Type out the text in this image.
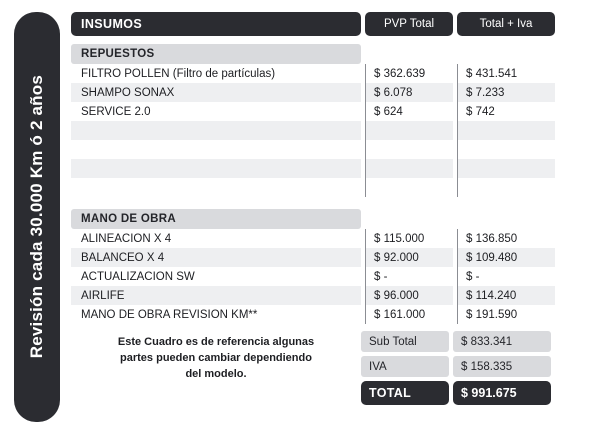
Revisión cada 30.000 Km ó 2 años
INSUMOS	PVP Total	Total + Iva
REPUESTOS
FILTRO POLLEN (Filtro de partículas)	$ 362.639	$ 431.541
SHAMPO SONAX	$ 6.078	$ 7.233
SERVICE 2.0	$ 624	$ 742
MANO DE OBRA
ALINEACION X 4	$ 115.000	$ 136.850
BALANCEO X 4	$ 92.000	$ 109.480
ACTUALIZACION SW	$ -	$ -
AIRLIFE	$ 96.000	$ 114.240
MANO DE OBRA REVISION KM**	$ 161.000	$ 191.590
Este Cuadro es de referencia algunas
partes pueden cambiar dependiendo
del modelo.
Sub Total	$ 833.341
IVA	$ 158.335
TOTAL	$ 991.675
